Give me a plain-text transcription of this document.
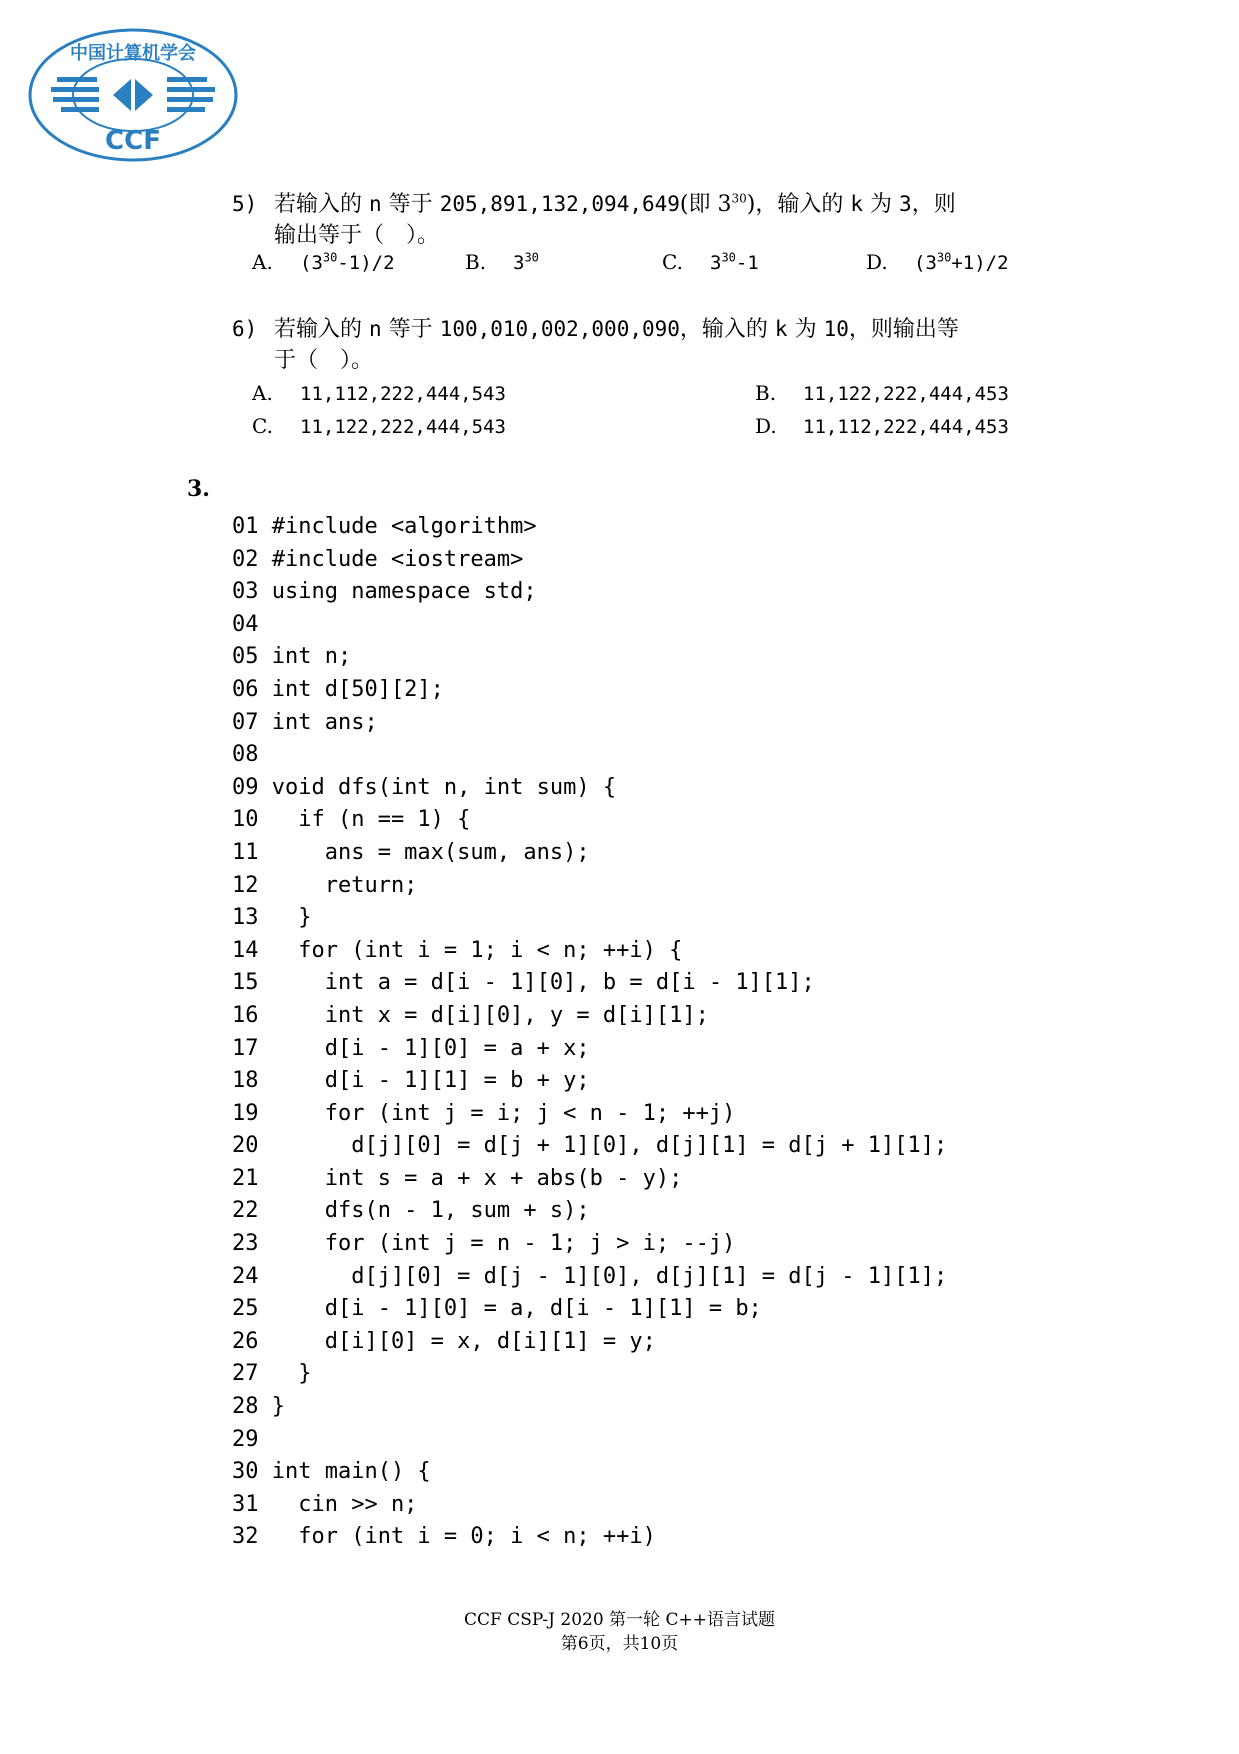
中国计算机学会
CCF
5) 若输入的 n 等于 205,891,132,094,649(即 $3^{30}$)，输入的 k 为 3，则
输出等于（　）。
A. $(3^{30}-1)/2$	B. $3^{30}$	C. $3^{30}-1$	D. $(3^{30}+1)/2$
6) 若输入的 n 等于 100,010,002,000,090，输入的 k 为 10，则输出等
于（　）。
A. 11,112,222,444,543	B. 11,122,222,444,453
C. 11,122,222,444,543	D. 11,112,222,444,453
3.
01 #include <algorithm>
02 #include <iostream>
03 using namespace std;
04
05 int n;
06 int d[50][2];
07 int ans;
08
09 void dfs(int n, int sum) {
10   if (n == 1) {
11     ans = max(sum, ans);
12     return;
13   }
14   for (int i = 1; i < n; ++i) {
15     int a = d[i - 1][0], b = d[i - 1][1];
16     int x = d[i][0], y = d[i][1];
17     d[i - 1][0] = a + x;
18     d[i - 1][1] = b + y;
19     for (int j = i; j < n - 1; ++j)
20       d[j][0] = d[j + 1][0], d[j][1] = d[j + 1][1];
21     int s = a + x + abs(b - y);
22     dfs(n - 1, sum + s);
23     for (int j = n - 1; j > i; --j)
24       d[j][0] = d[j - 1][0], d[j][1] = d[j - 1][1];
25     d[i - 1][0] = a, d[i - 1][1] = b;
26     d[i][0] = x, d[i][1] = y;
27   }
28 }
29
30 int main() {
31   cin >> n;
32   for (int i = 0; i < n; ++i)
CCF CSP-J 2020 第一轮 C++语言试题
第6页，共10页
